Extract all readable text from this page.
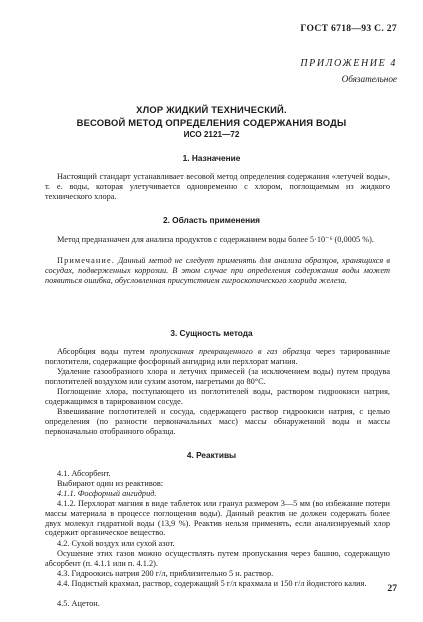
ГОСТ 6718—93 С. 27
ПРИЛОЖЕНИЕ 4
Обязательное
ХЛОР ЖИДКИЙ ТЕХНИЧЕСКИЙ.
ВЕСОВОЙ МЕТОД ОПРЕДЕЛЕНИЯ СОДЕРЖАНИЯ ВОДЫ
ИСО 2121—72
1. Назначение

Настоящий стандарт устанавливает весовой метод определения содержания «летучей воды», т. е. воды, которая улетучивается одновременно с хлором, поглощаемым из жидкого технического хлора.

2. Область применения

Метод предназначен для анализа продуктов с содержанием воды более 5·10⁻⁶ (0,0005 %).

Примечание. Данный метод не следует применять для анализа образцов, хранящихся в сосудах, подверженных коррозии. В этом случае при определения содержания воды может появиться ошибка, обусловленная присутствием гигроскопического хлорида железа.

3. Сущность метода

Абсорбция воды путем пропускания превращенного в газ образца через тарированные поглотители, содержащие фосфорный ангидрид или перхлорат магния.

Удаление газообразного хлора и летучих примесей (за исключением воды) путем продува поглотителей воздухом или сухим азотом, нагретыми до 80°С.

Поглощение хлора, поступающего из поглотителей воды, раствором гидроокиси натрия, содержащимся в тарированном сосуде.

Взвешивание поглотителей и сосуда, содержащего раствор гидроокиси натрия, с целью определения (по разности первоначальных масс) массы обнаруженной воды и массы первоначально отобранного образца.

4. Реактивы

4.1. Абсорбент.

Выбирают один из реактивов:

4.1.1. Фосфорный ангидрид.

4.1.2. Перхлорат магния в виде таблеток или гранул размером 3—5 мм (во избежание потери массы материала в процессе поглощения воды). Данный реактив не должен содержать более двух молекул гидратной воды (13,9 %). Реактив нельзя применять, если анализируемый хлор содержит органическое вещество.

4.2. Сухой воздух или сухой азот.

Осушение этих газов можно осуществлять путем пропускания через башню, содержащую абсорбент (п. 4.1.1 или п. 4.1.2).

4.3. Гидроокись натрия 200 г/л, приблизительно 5 н. раствор.

4.4. Подистый крахмал, раствор, содержащий 5 г/л крахмала и 150 г/л йодистого калия.

4.5. Ацетон.

27
